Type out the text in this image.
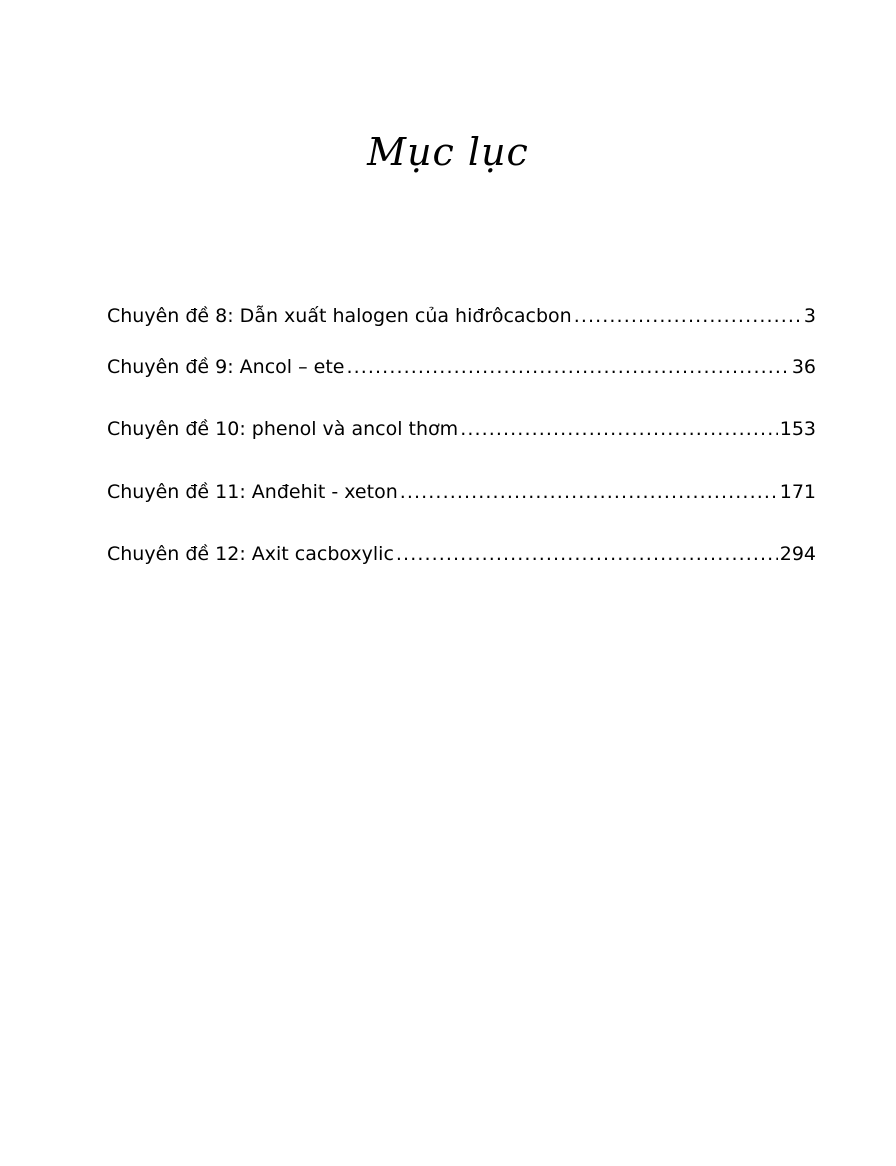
Mục lục
Chuyên đề 8: Dẫn xuất halogen của hiđrôcacbon .....	3
Chuyên đề 9: Ancol – ete .....	36
Chuyên đề 10: phenol và ancol thơm .....	153
Chuyên đề 11: Anđehit - xeton .....	171
Chuyên đề 12: Axit cacboxylic .....	294
